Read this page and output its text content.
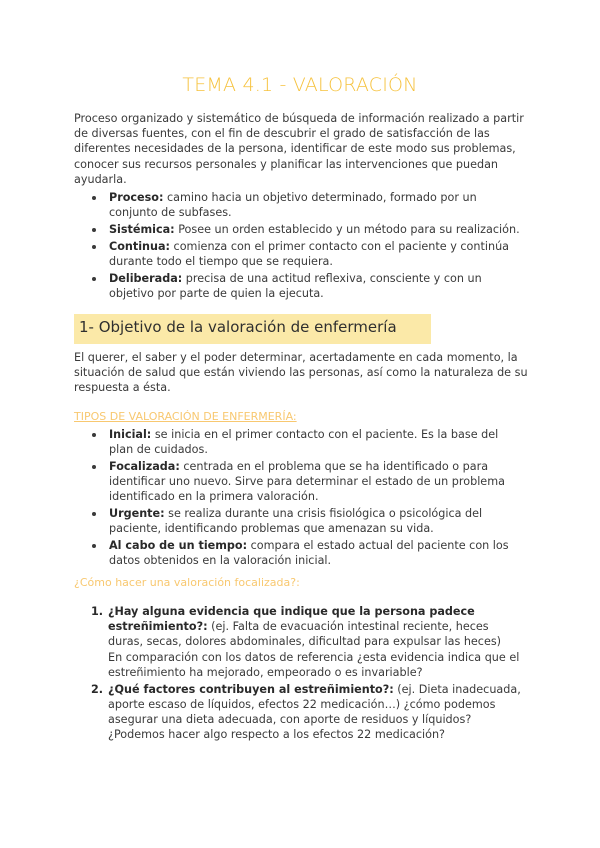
TEMA 4.1 - VALORACIÓN

Proceso organizado y sistemático de búsqueda de información realizado a partir de diversas fuentes, con el fin de descubrir el grado de satisfacción de las diferentes necesidades de la persona, identificar de este modo sus problemas, conocer sus recursos personales y planificar las intervenciones que puedan ayudarla.

Proceso: camino hacia un objetivo determinado, formado por un conjunto de subfases.
Sistémica: Posee un orden establecido y un método para su realización.
Continua: comienza con el primer contacto con el paciente y continúa durante todo el tiempo que se requiera.
Deliberada: precisa de una actitud reflexiva, consciente y con un objetivo por parte de quien la ejecuta.
1- Objetivo de la valoración de enfermería

El querer, el saber y el poder determinar, acertadamente en cada momento, la situación de salud que están viviendo las personas, así como la naturaleza de su respuesta a ésta.

TIPOS DE VALORACIÓN DE ENFERMERÍA:
Inicial: se inicia en el primer contacto con el paciente. Es la base del plan de cuidados.
Focalizada: centrada en el problema que se ha identificado o para identificar uno nuevo. Sirve para determinar el estado de un problema identificado en la primera valoración.
Urgente: se realiza durante una crisis fisiológica o psicológica del paciente, identificando problemas que amenazan su vida.
Al cabo de un tiempo: compara el estado actual del paciente con los datos obtenidos en la valoración inicial.
¿Cómo hacer una valoración focalizada?:
1. ¿Hay alguna evidencia que indique que la persona padece estreñimiento?: (ej. Falta de evacuación intestinal reciente, heces duras, secas, dolores abdominales, dificultad para expulsar las heces)
En comparación con los datos de referencia ¿esta evidencia indica que el estreñimiento ha mejorado, empeorado o es invariable?
2. ¿Qué factores contribuyen al estreñimiento?: (ej. Dieta inadecuada, aporte escaso de líquidos, efectos 22 medicación…) ¿cómo podemos asegurar una dieta adecuada, con aporte de residuos y líquidos? ¿Podemos hacer algo respecto a los efectos 22 medicación?
